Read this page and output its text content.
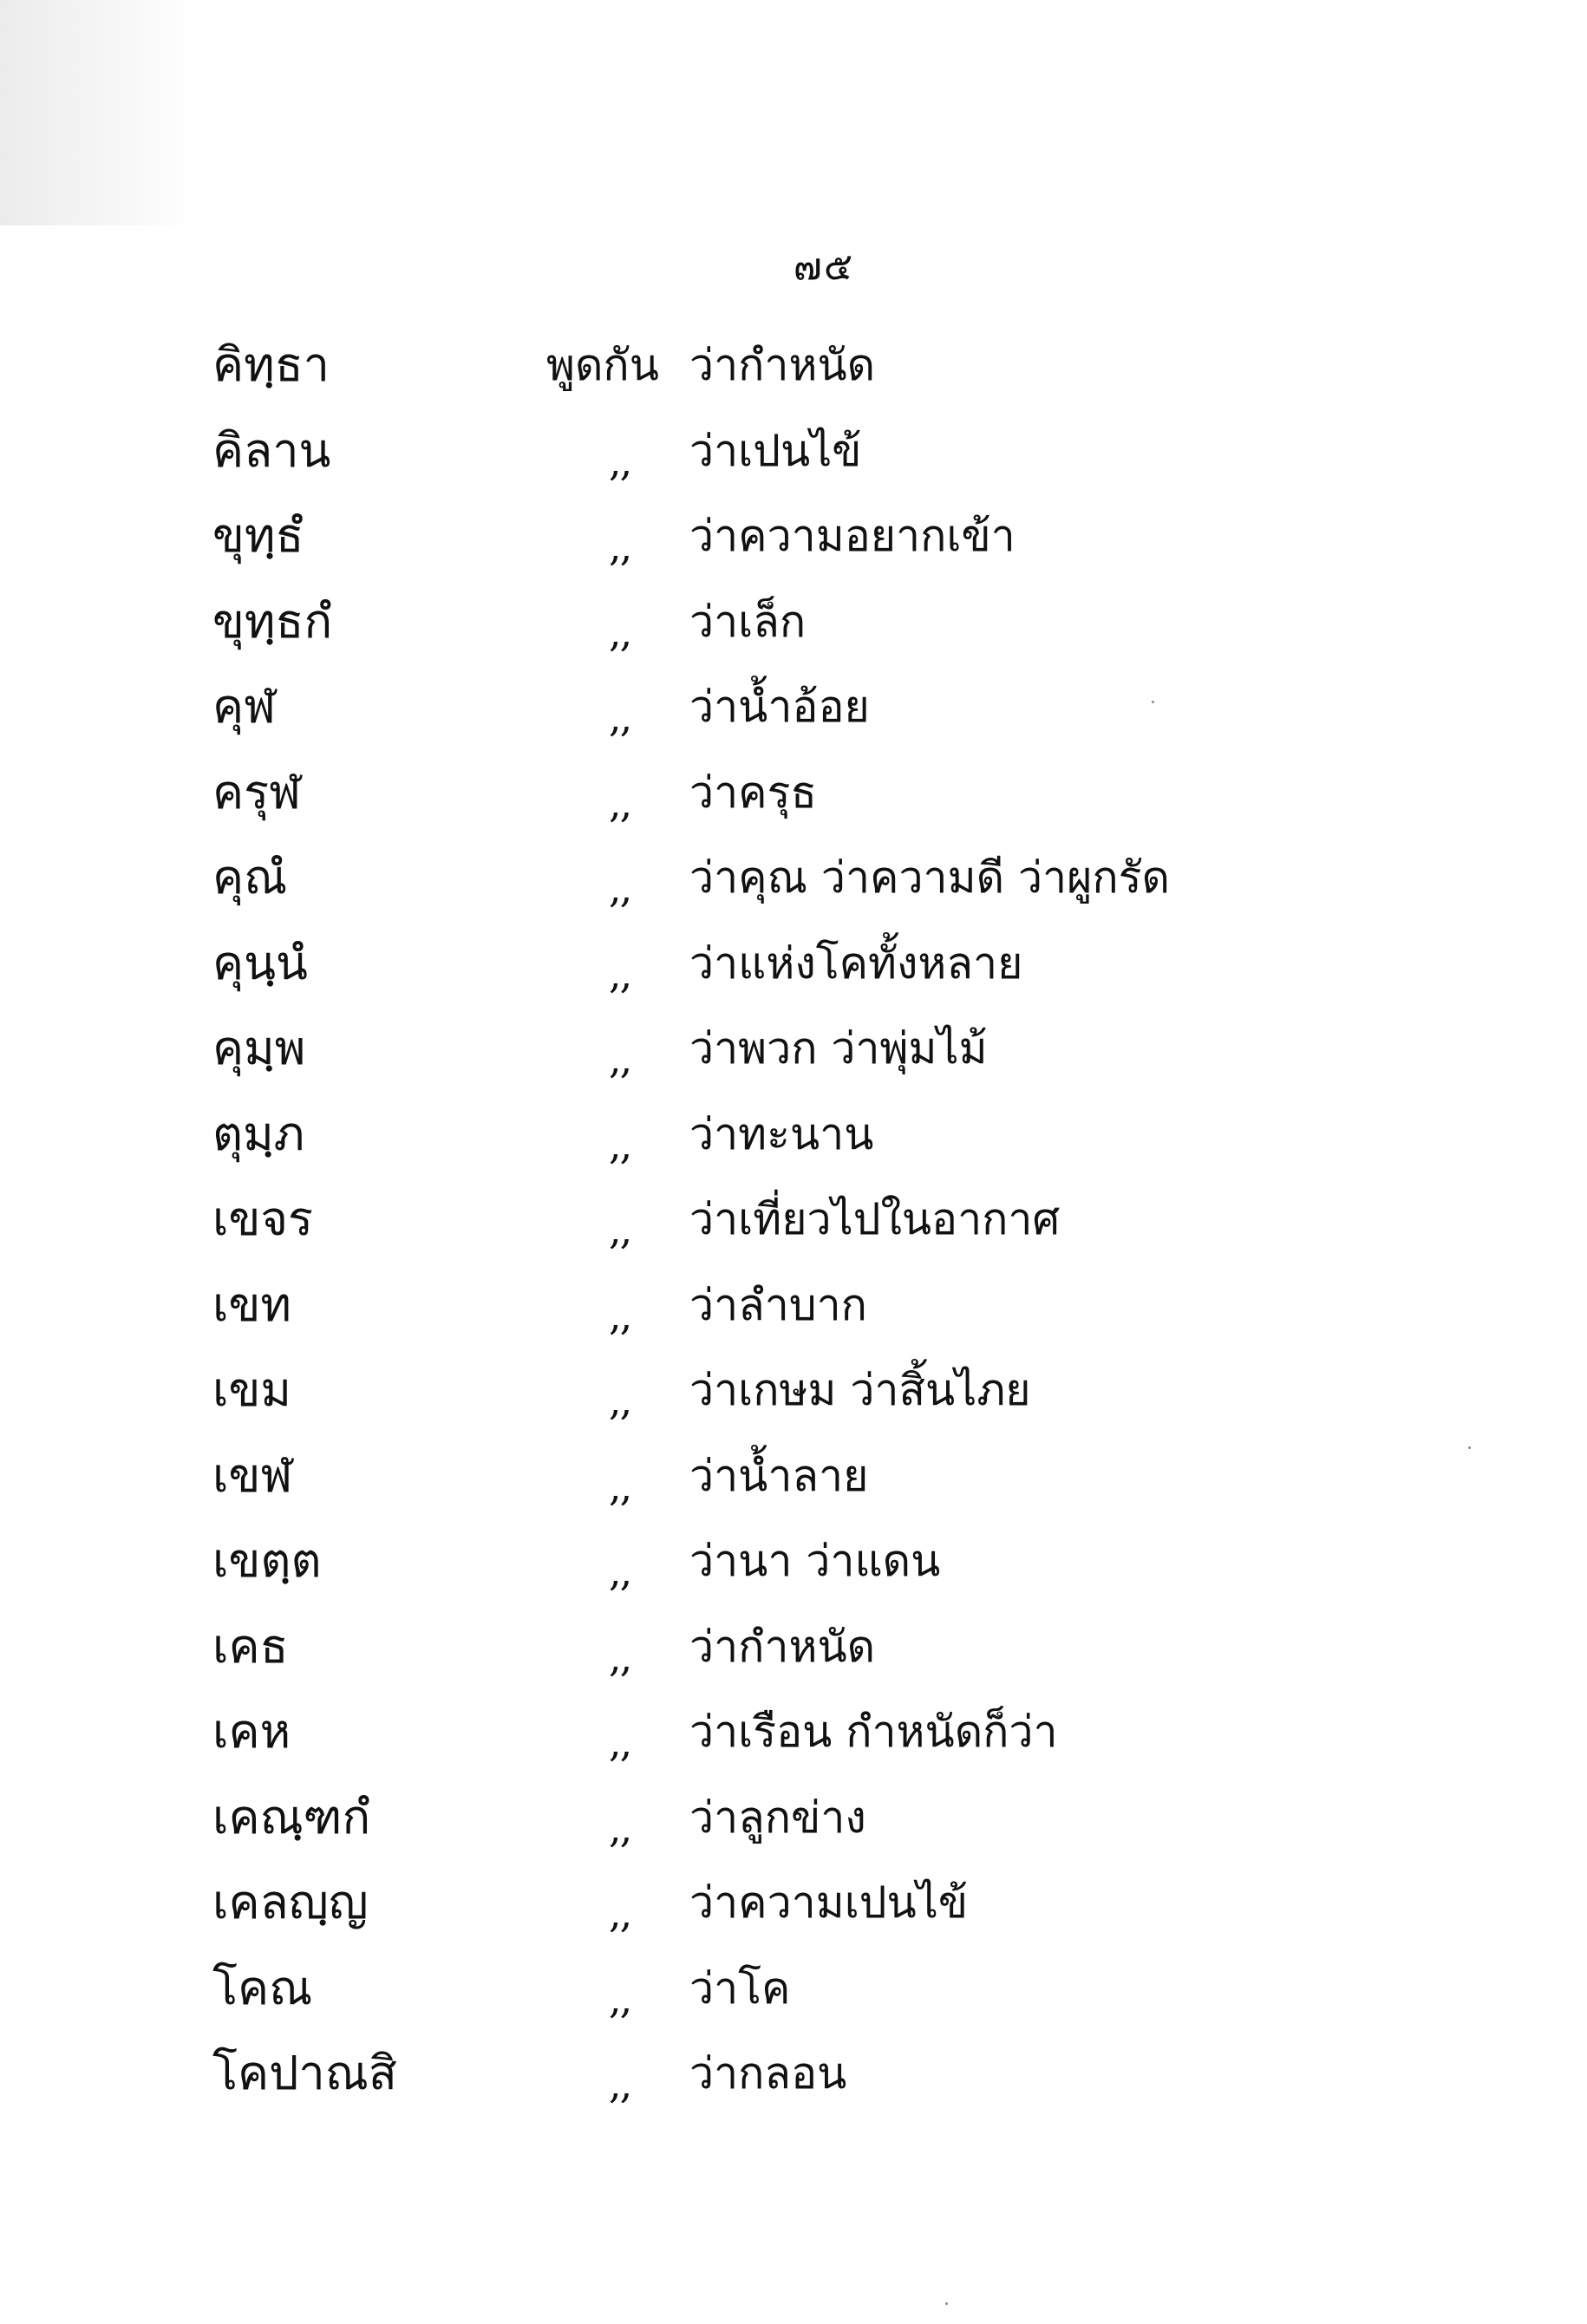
๗๕
คิทฺธา	พูดกัน ว่ากำหนัด
คิลาน	,, ว่าเปนไข้
ขุทฺธํ	,, ว่าความอยากเข้า
ขุทฺธกํ	,, ว่าเล็ก
คุฬ	,, ว่าน้ำอ้อย
ครุฬ	,, ว่าครุธ
คุณํ	,, ว่าคุณ ว่าความดี ว่าผูกรัด
คุนฺนํ	,, ว่าแห่งโคทั้งหลาย
คุมฺพ	,, ว่าพวก ว่าพุ่มไม้
ตุมฺภ	,, ว่าทะนาน
เขจร	,, ว่าเที่ยวไปในอากาศ
เขท	,, ว่าลำบาก
เขม	,, ว่าเกษม ว่าสิ้นไภย
เขฬ	,, ว่าน้ำลาย
เขตฺต	,, ว่านา ว่าแดน
เคธ	,, ว่ากำหนัด
เคห	,, ว่าเรือน กำหนัดก็ว่า
เคณฺฑกํ	,, ว่าลูกข่าง
เคลญฺญ	,, ว่าความเปนไข้
โคณ	,, ว่าโค
โคปาณสิ	,, ว่ากลอน
